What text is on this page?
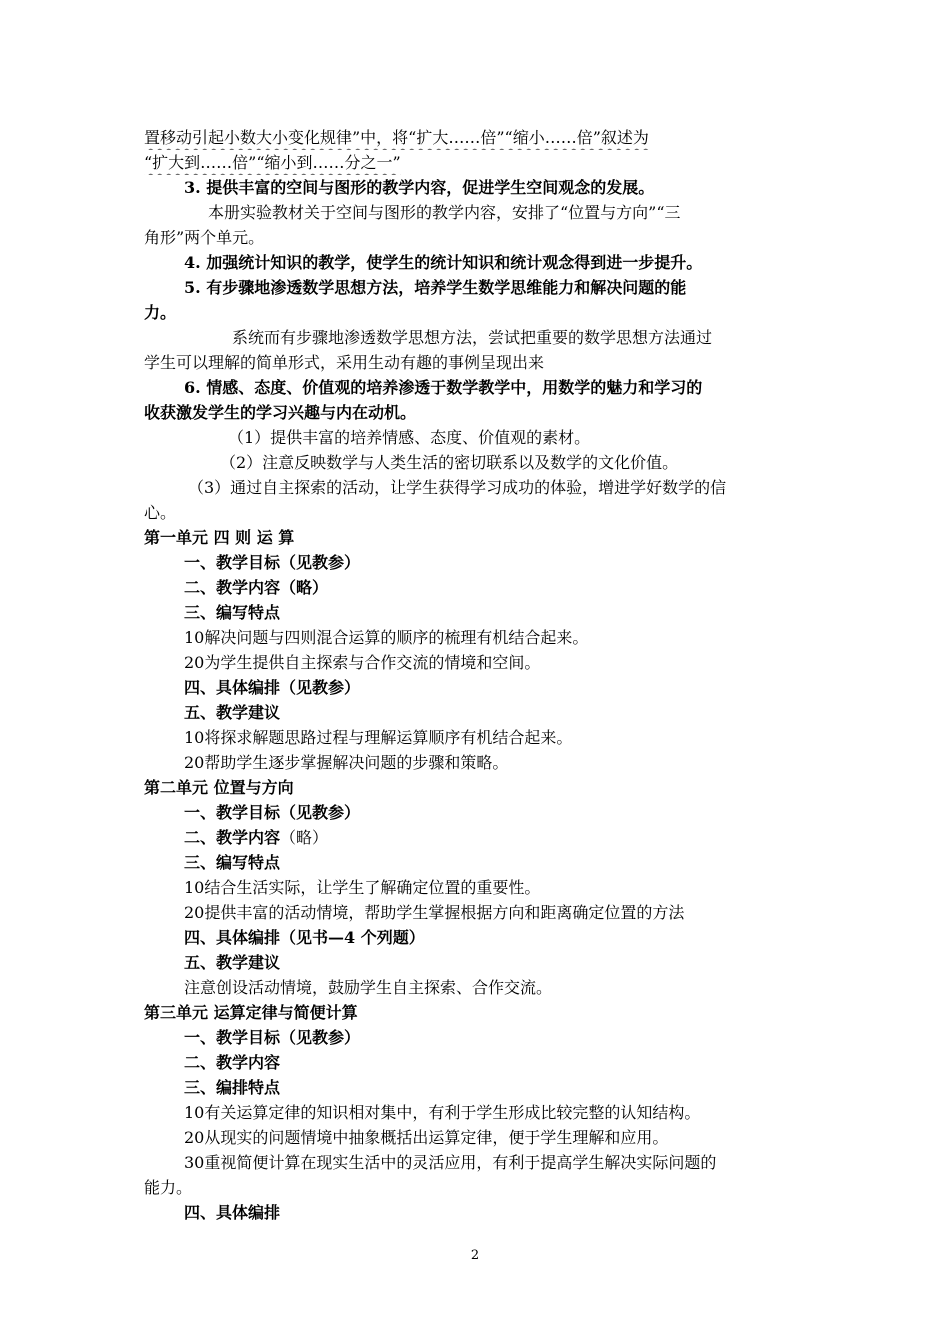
置移动引起小数大小变化规律”中，将“扩大……倍”“缩小……倍”叙述为
“扩大到……倍”“缩小到……分之一”
3. 提供丰富的空间与图形的教学内容，促进学生空间观念的发展。
本册实验教材关于空间与图形的教学内容，安排了“位置与方向”“三
角形”两个单元。
4. 加强统计知识的教学，使学生的统计知识和统计观念得到进一步提升。
5. 有步骤地渗透数学思想方法，培养学生数学思维能力和解决问题的能
力。
系统而有步骤地渗透数学思想方法，尝试把重要的数学思想方法通过
学生可以理解的简单形式，采用生动有趣的事例呈现出来
6. 情感、态度、价值观的培养渗透于数学教学中，用数学的魅力和学习的
收获激发学生的学习兴趣与内在动机。
（1）提供丰富的培养情感、态度、价值观的素材。
（2）注意反映数学与人类生活的密切联系以及数学的文化价值。
（3）通过自主探索的活动，让学生获得学习成功的体验，增进学好数学的信
心。
第一单元 四 则 运 算
一、教学目标（见教参）
二、教学内容（略）
三、编写特点
10解决问题与四则混合运算的顺序的梳理有机结合起来。
20为学生提供自主探索与合作交流的情境和空间。
四、具体编排（见教参）
五、教学建议
10将探求解题思路过程与理解运算顺序有机结合起来。
20帮助学生逐步掌握解决问题的步骤和策略。
第二单元 位置与方向
一、教学目标（见教参）
二、教学内容（略）
三、编写特点
10结合生活实际，让学生了解确定位置的重要性。
20提供丰富的活动情境，帮助学生掌握根据方向和距离确定位置的方法
四、具体编排（见书—4 个列题）
五、教学建议
注意创设活动情境，鼓励学生自主探索、合作交流。
第三单元 运算定律与简便计算
一、教学目标（见教参）
二、教学内容
三、编排特点
10有关运算定律的知识相对集中，有利于学生形成比较完整的认知结构。
20从现实的问题情境中抽象概括出运算定律，便于学生理解和应用。
30重视简便计算在现实生活中的灵活应用，有利于提高学生解决实际问题的
能力。
四、具体编排
2
